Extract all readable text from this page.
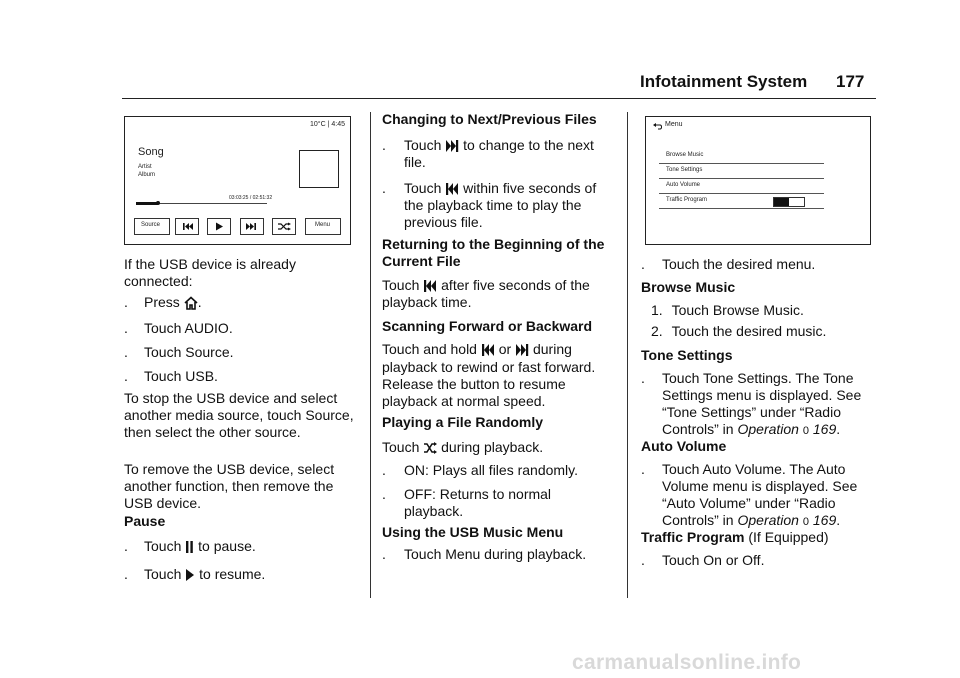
Infotainment System 177
10°C | 4:45
Song
Artist
Album
03:03:25 / 02:51:32
Source	Menu

If the USB device is already connected:

. Press .
. Touch AUDIO.
. Touch Source.
. Touch USB.

To stop the USB device and select another media source, touch Source, then select the other source.

To remove the USB device, select another function, then remove the USB device.

Pause

. Touch to pause.
. Touch to resume.

Changing to Next/Previous Files

. Touch to change to the next file.
. Touch within five seconds of the playback time to play the previous file.

Returning to the Beginning of the Current File

Touch after five seconds of the playback time.

Scanning Forward or Backward

Touch and hold or during

playback to rewind or fast forward. Release the button to resume playback at normal speed.

Playing a File Randomly

Touch during playback.
. ON: Plays all files randomly.
. OFF: Returns to normal playback.

Using the USB Music Menu

. Touch Menu during playback.
Menu
Browse Music
Tone Settings
Auto Volume
Traffic Program
. Touch the desired menu.

Browse Music

1. Touch Browse Music.
2. Touch the desired music.

Tone Settings

. Touch Tone Settings. The Tone Settings menu is displayed. See “Tone Settings” under “Radio Controls” in Operation 0 169.

Auto Volume

. Touch Auto Volume. The Auto Volume menu is displayed. See “Auto Volume” under “Radio Controls” in Operation 0 169.
Traffic Program (If Equipped)
. Touch On or Off.
carmanualsonline.info
